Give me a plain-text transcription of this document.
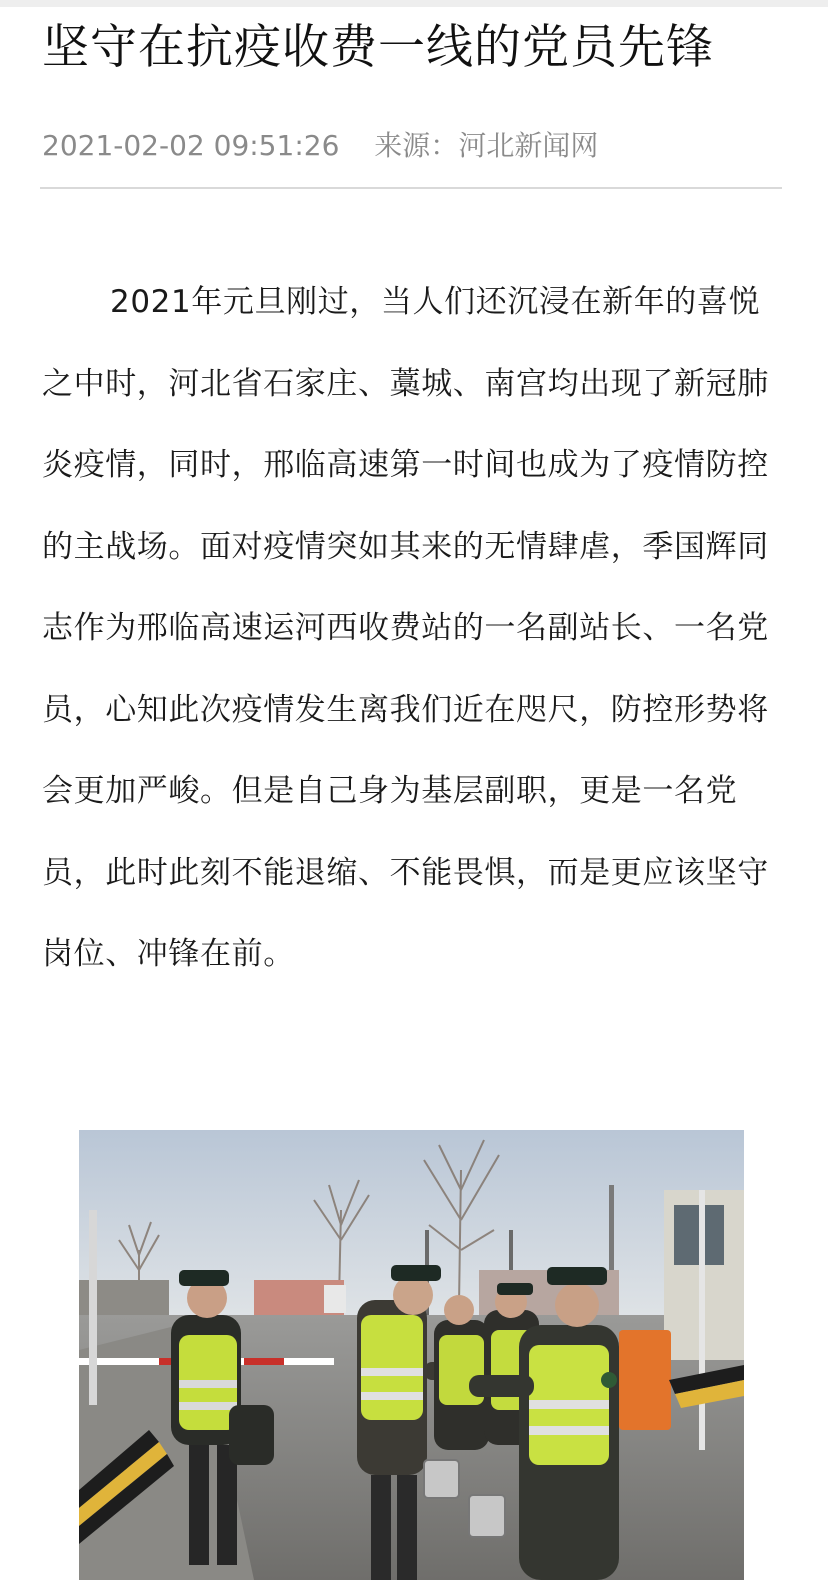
坚守在抗疫收费一线的党员先锋
2021-02-02 09:51:26 来源：河北新闻网

2021年元旦刚过，当人们还沉浸在新年的喜悦之中时，河北省石家庄、藁城、南宫均出现了新冠肺炎疫情，同时，邢临高速第一时间也成为了疫情防控的主战场。面对疫情突如其来的无情肆虐，季国辉同志作为邢临高速运河西收费站的一名副站长、一名党员，心知此次疫情发生离我们近在咫尺，防控形势将会更加严峻。但是自己身为基层副职，更是一名党员，此时此刻不能退缩、不能畏惧，而是更应该坚守岗位、冲锋在前。
